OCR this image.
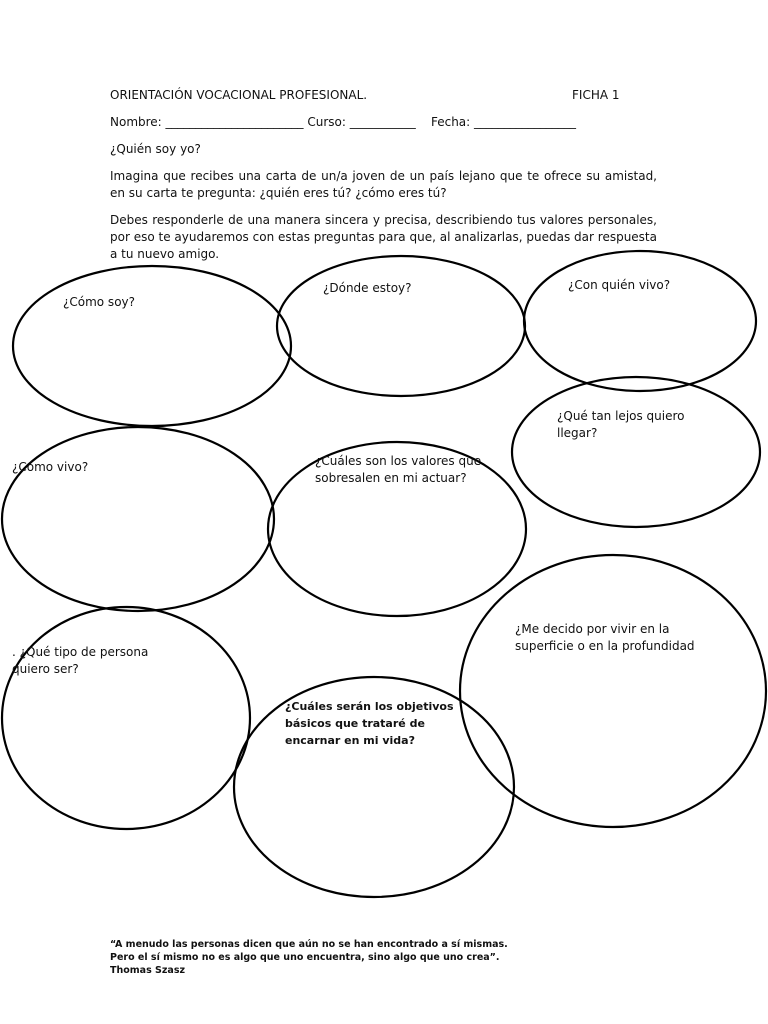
ORIENTACIÓN VOCACIONAL PROFESIONAL.	FICHA 1
Nombre: _______________________ Curso: ___________    Fecha: _________________
¿Quién soy yo?
Imagina que recibes una carta de un/a joven de un país lejano que te ofrece su amistad, en su carta te pregunta: ¿quién eres tú? ¿cómo eres tú?
Debes responderle de una manera sincera y precisa, describiendo tus valores personales, por eso te ayudaremos con estas preguntas para que, al analizarlas, puedas dar respuesta a tu nuevo amigo.
¿Cómo soy?
¿Dónde estoy?	¿Con quién vivo?
¿Qué tan lejos quiero llegar?
¿Cómo vivo?	¿Cuáles son los valores que sobresalen en mi actuar?
. ¿Qué tipo de persona quiero ser?
¿Me decido por vivir en la superficie o en la profundidad
¿Cuáles serán los objetivos básicos que trataré de encarnar en mi vida?
“A menudo las personas dicen que aún no se han encontrado a sí mismas. Pero el sí mismo no es algo que uno encuentra, sino algo que uno crea”.
Thomas Szasz
